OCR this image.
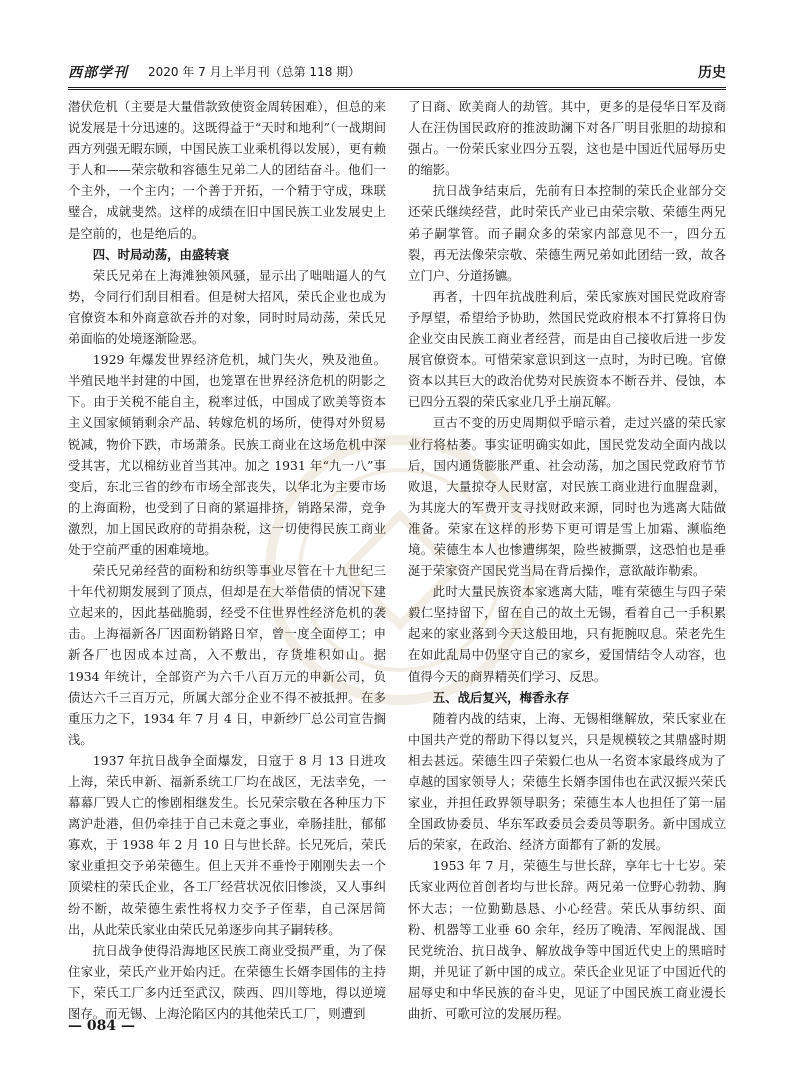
西部学刊 2020 年 7 月上半月刊（总第 118 期）	历史

潜伏危机（主要是大量借款致使资金周转困难），但总的来说发展是十分迅速的。这既得益于“天时和地利”（一战期间西方列强无暇东顾，中国民族工业乘机得以发展），更有赖于人和——荣宗敬和容德生兄弟二人的团结奋斗。他们一个主外，一个主内；一个善于开拓，一个精于守成，珠联璧合，成就斐然。这样的成绩在旧中国民族工业发展史上是空前的，也是绝后的。

四、时局动荡，由盛转衰

荣氏兄弟在上海滩独领风骚，显示出了咄咄逼人的气势，令同行们刮目相看。但是树大招风，荣氏企业也成为官僚资本和外商意欲吞并的对象，同时时局动荡，荣氏兄弟面临的处境逐渐险恶。

1929 年爆发世界经济危机，城门失火，殃及池鱼。半殖民地半封建的中国，也笼罩在世界经济危机的阴影之下。由于关税不能自主，税率过低，中国成了欧美等资本主义国家倾销剩余产品、转嫁危机的场所，使得对外贸易锐减，物价下跌，市场萧条。民族工商业在这场危机中深受其害，尤以棉纺业首当其冲。加之 1931 年“九一八”事变后，东北三省的纱布市场全部丧失，以华北为主要市场的上海面粉，也受到了日商的紧逼排挤，销路呆滞，竞争激烈，加上国民政府的苛捐杂税，这一切使得民族工商业处于空前严重的困难境地。

荣氏兄弟经营的面粉和纺织等事业尽管在十九世纪三十年代初期发展到了顶点，但却是在大举借债的情况下建立起来的，因此基础脆弱，经受不住世界性经济危机的袭击。上海福新各厂因面粉销路日窄，曾一度全面停工；申新各厂也因成本过高，入不敷出，存货堆积如山。据 1934 年统计，全部资产为六千八百万元的申新公司，负债达六千三百万元，所属大部分企业不得不被抵押。在多重压力之下，1934 年 7 月 4 日，申新纱厂总公司宣告搁浅。

1937 年抗日战争全面爆发，日寇于 8 月 13 日进攻上海，荣氏申新、福新系统工厂均在战区，无法幸免，一幕幕厂毁人亡的惨剧相继发生。长兄荣宗敬在各种压力下离沪赴港，但仍牵挂于自己未竟之事业，牵肠挂肚，郁郁寡欢，于 1938 年 2 月 10 日与世长辞。长兄死后，荣氏家业重担交予弟荣德生。但上天并不垂怜于刚刚失去一个顶梁柱的荣氏企业，各工厂经营状况依旧惨淡，又人事纠纷不断，故荣德生索性将权力交予子侄辈，自己深居简出，从此荣氏家业由荣氏兄弟逐步向其子嗣转移。

抗日战争使得沿海地区民族工商业受损严重，为了保住家业，荣氏产业开始内迁。在荣德生长婿李国伟的主持下，荣氏工厂多内迁至武汉，陕西、四川等地，得以逆境图存。而无锡、上海沦陷区内的其他荣氏工厂，则遭到

了日商、欧美商人的劫管。其中，更多的是侵华日军及商人在汪伪国民政府的推波助澜下对各厂明目张胆的劫掠和强占。一份荣氏家业四分五裂，这也是中国近代屈辱历史的缩影。

抗日战争结束后，先前有日本控制的荣氏企业部分交还荣氏继续经营，此时荣氏产业已由荣宗敬、荣德生两兄弟子嗣掌管。而子嗣众多的荣家内部意见不一，四分五裂，再无法像荣宗敬、荣德生两兄弟如此团结一致，故各立门户、分道扬镳。

再者，十四年抗战胜利后，荣氏家族对国民党政府寄予厚望，希望给予协助，然国民党政府根本不打算将日伪企业交由民族工商业者经营，而是由自己接收后进一步发展官僚资本。可惜荣家意识到这一点时，为时已晚。官僚资本以其巨大的政治优势对民族资本不断吞并、侵蚀，本已四分五裂的荣氏家业几乎土崩瓦解。

亘古不变的历史周期似乎暗示着，走过兴盛的荣氏家业行将枯萎。事实证明确实如此，国民党发动全面内战以后，国内通货膨胀严重、社会动荡，加之国民党政府节节败退，大量掠夺人民财富，对民族工商业进行血腥盘剥，为其庞大的军费开支寻找财政来源，同时也为逃离大陆做准备。荣家在这样的形势下更可谓是雪上加霜、濒临绝境。荣德生本人也惨遭绑架，险些被撕票，这恐怕也是垂涎于荣家资产国民党当局在背后操作，意欲敲诈勒索。

此时大量民族资本家逃离大陆，唯有荣德生与四子荣毅仁坚持留下，留在自己的故土无锡，看着自己一手积累起来的家业落到今天这般田地，只有扼腕叹息。荣老先生在如此乱局中仍坚守自己的家乡，爱国情结令人动容，也值得今天的商界精英们学习、反思。

五、战后复兴，梅香永存

随着内战的结束，上海、无锡相继解放，荣氏家业在中国共产党的帮助下得以复兴，只是规模较之其鼎盛时期相去甚远。荣德生四子荣毅仁也从一名资本家最终成为了卓越的国家领导人；荣德生长婿李国伟也在武汉振兴荣氏家业，并担任政界领导职务；荣德生本人也担任了第一届全国政协委员、华东军政委员会委员等职务。新中国成立后的荣家，在政治、经济方面都有了新的发展。

1953 年 7 月，荣德生与世长辞，享年七十七岁。荣氏家业两位首创者均与世长辞。两兄弟一位野心勃勃、胸怀大志；一位勤勤恳恳、小心经营。荣氏从事纺织、面粉、机器等工业垂 60 余年，经历了晚清、军阀混战、国民党统治、抗日战争、解放战争等中国近代史上的黑暗时期，并见证了新中国的成立。荣氏企业见证了中国近代的屈辱史和中华民族的奋斗史，见证了中国民族工商业漫长曲折、可歌可泣的发展历程。

— 084 —
